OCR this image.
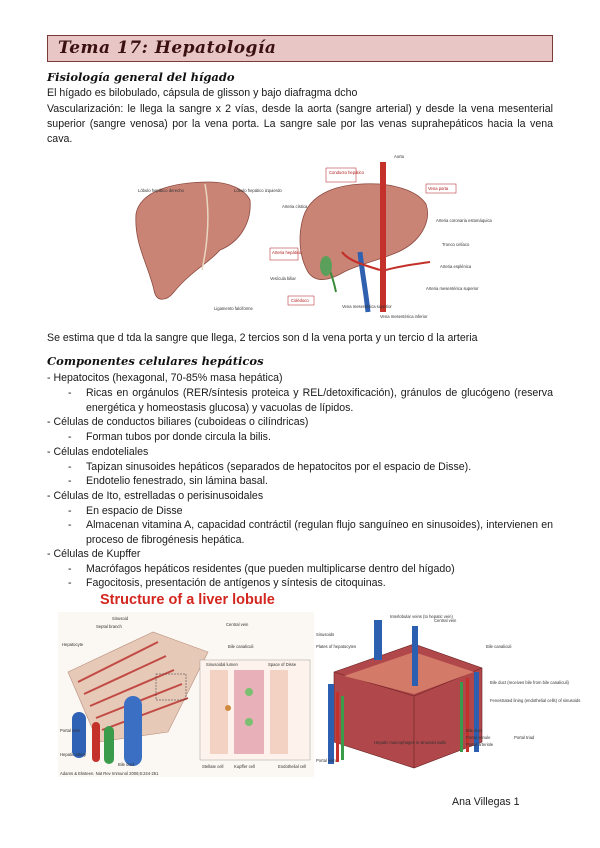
Tema 17: Hepatología
Fisiología general del hígado
El hígado es bilobulado, cápsula de glisson y bajo diafragma dcho
Vascularización: le llega la sangre x 2 vías, desde la aorta (sangre arterial) y desde la vena mesenterial superior (sangre venosa) por la vena porta. La sangre sale por las venas suprahepáticos hacia la vena cava.
Lóbulo hepático derecho	Lóbulo hepático izquierdo
Ligamento falciforme
Aorta
Conducto hepático
Vena porta
Arteria cística
Arteria coronaria estomáquica
Tronco celíaco
Arteria hepática
Arteria esplénica
Vesícula biliar
Colédoco
Arteria mesentérica superior
Vena mesentérica superior
Vena mesentérica inferior
Se estima que d tda la sangre que llega, 2 tercios son d la vena porta y un tercio d la arteria
Componentes celulares hepáticos
- Hepatocitos (hexagonal, 70-85% masa hepática)
- Ricas en orgánulos (RER/síntesis proteica y REL/detoxificación), gránulos de glucógeno (reserva energética y homeostasis glucosa) y vacuolas de lípidos.
- Células de conductos biliares (cuboideas o cilíndricas)
- Forman tubos por donde circula la bilis.
- Células endoteliales
- Tapizan sinusoides hepáticos (separados de hepatocitos por el espacio de Disse).
- Endotelio fenestrado, sin lámina basal.
- Células de Ito, estrelladas o perisinusoidales
- En espacio de Disse
- Almacenan vitamina A, capacidad contráctil (regulan flujo sanguíneo en sinusoides), intervienen en proceso de fibrogénesis hepática.
- Células de Kupffer
- Macrófagos hepáticos residentes (que pueden multiplicarse dentro del hígado)
- Fagocitosis, presentación de antígenos y síntesis de citoquinas.
Structure of a liver lobule
Sinusoid
Septal branch
Hepatocyte
Central vein
Bile canaliculi
Portal vein
Hepatic artery
Bile duct
Sinusoidal lumen	Space of Disse
Stellate cell	Kupffer cell	Endothelial cell
Adams & Eksteen. Nat Rev Immunol 2006;6:244-251
Interlobular veins (to hepatic vein)
Central vein
Sinusoids
Plates of hepatocytes	Bile canaliculi
Bile duct (receives bile from bile canaliculi)
Fenestrated lining (endothelial cells) of sinusoids
Hepatic macrophages in sinusoid walls
Bile duct
Portal venule
Portal arteriole
Portal triad
Portal vein
Ana Villegas 1
